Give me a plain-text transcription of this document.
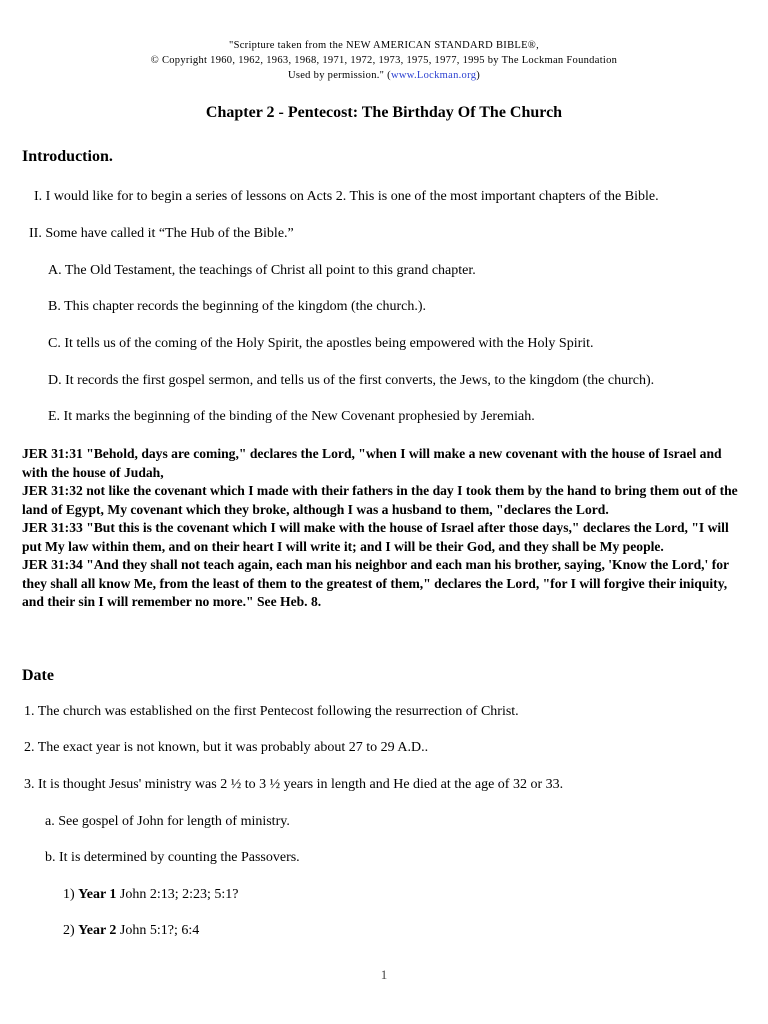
"Scripture taken from the NEW AMERICAN STANDARD BIBLE®,
© Copyright 1960, 1962, 1963, 1968, 1971, 1972, 1973, 1975, 1977, 1995 by The Lockman Foundation
Used by permission." (www.Lockman.org)
Chapter 2 - Pentecost: The Birthday Of The Church
Introduction.
I. I would like for to begin a series of lessons on Acts 2. This is one of the most important chapters of the Bible.
II. Some have called it “The Hub of the Bible.”
A. The Old Testament, the teachings of Christ all point to this grand chapter.
B. This chapter records the beginning of the kingdom (the church.).
C. It tells us of the coming of the Holy Spirit, the apostles being empowered with the Holy Spirit.
D. It records the first gospel sermon, and tells us of the first converts, the Jews, to the kingdom (the church).
E. It marks the beginning of the binding of the New Covenant prophesied by Jeremiah.
JER 31:31 "Behold, days are coming," declares the Lord, "when I will make a new covenant with the house of Israel and with the house of Judah,
JER 31:32 not like the covenant which I made with their fathers in the day I took them by the hand to bring them out of the land of Egypt, My covenant which they broke, although I was a husband to them, "declares the Lord.
JER 31:33 "But this is the covenant which I will make with the house of Israel after those days," declares the Lord, "I will put My law within them, and on their heart I will write it; and I will be their God, and they shall be My people.
JER 31:34 "And they shall not teach again, each man his neighbor and each man his brother, saying, 'Know the Lord,' for they shall all know Me, from the least of them to the greatest of them," declares the Lord, "for I will forgive their iniquity, and their sin I will remember no more." See Heb. 8.
Date
1. The church was established on the first Pentecost following the resurrection of Christ.
2. The exact year is not known, but it was probably about 27 to 29 A.D..
3. It is thought Jesus' ministry was 2 ½ to 3 ½ years in length and He died at the age of 32 or 33.
a. See gospel of John for length of ministry.
b. It is determined by counting the Passovers.
1) Year 1 John 2:13; 2:23; 5:1?
2) Year 2 John 5:1?; 6:4
1
